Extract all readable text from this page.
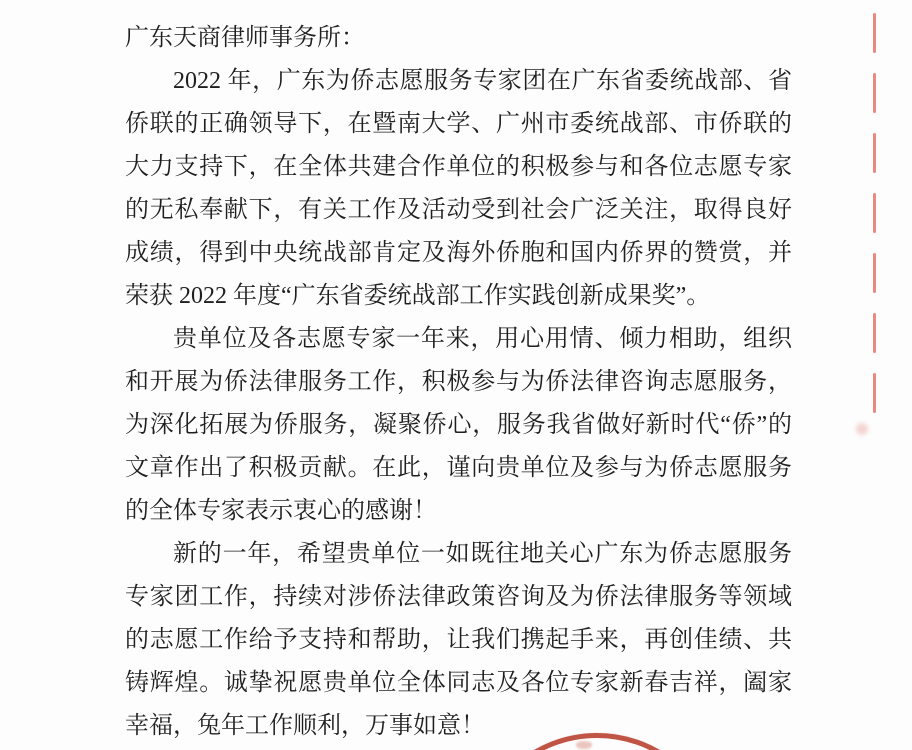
广东天商律师事务所：

2022 年，广东为侨志愿服务专家团在广东省委统战部、省侨联的正确领导下，在暨南大学、广州市委统战部、市侨联的大力支持下，在全体共建合作单位的积极参与和各位志愿专家的无私奉献下，有关工作及活动受到社会广泛关注，取得良好成绩，得到中央统战部肯定及海外侨胞和国内侨界的赞赏，并荣获 2022 年度“广东省委统战部工作实践创新成果奖”。

贵单位及各志愿专家一年来，用心用情、倾力相助，组织和开展为侨法律服务工作，积极参与为侨法律咨询志愿服务，为深化拓展为侨服务，凝聚侨心，服务我省做好新时代“侨”的文章作出了积极贡献。在此，谨向贵单位及参与为侨志愿服务的全体专家表示衷心的感谢！

新的一年，希望贵单位一如既往地关心广东为侨志愿服务专家团工作，持续对涉侨法律政策咨询及为侨法律服务等领域的志愿工作给予支持和帮助，让我们携起手来，再创佳绩、共铸辉煌。诚挚祝愿贵单位全体同志及各位专家新春吉祥，阖家幸福，兔年工作顺利，万事如意！
